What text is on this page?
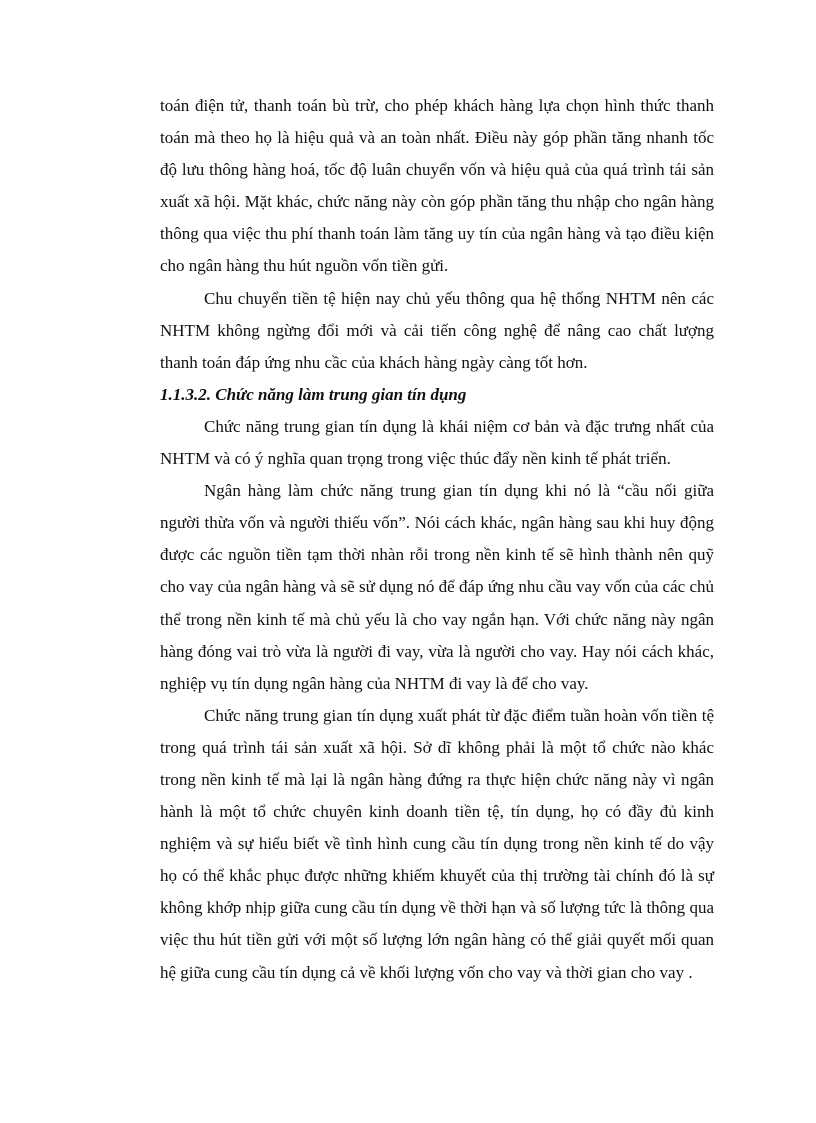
toán điện tử, thanh toán bù trừ, cho phép khách hàng lựa chọn hình thức thanh toán mà theo họ là hiệu quả và an toàn nhất. Điều này góp phần tăng nhanh tốc độ lưu thông hàng hoá, tốc độ luân chuyển vốn và hiệu quả của quá trình tái sản xuất xã hội. Mặt khác, chức năng này còn góp phần tăng thu nhập cho ngân hàng thông qua việc thu phí thanh toán làm tăng uy tín của ngân hàng và tạo điều kiện cho ngân hàng thu hút nguồn vốn tiền gửi.

Chu chuyển tiền tệ hiện nay chủ yếu thông qua hệ thống NHTM nên các NHTM không ngừng đổi mới và cải tiến công nghệ để nâng cao chất lượng thanh toán đáp ứng nhu cầc của khách hàng ngày càng tốt hơn.

1.1.3.2. Chức năng làm trung gian tín dụng

Chức năng trung gian tín dụng là khái niệm cơ bản và đặc trưng nhất của NHTM và có ý nghĩa quan trọng trong việc thúc đẩy nền kinh tế phát triển.

Ngân hàng làm chức năng trung gian tín dụng khi nó là “cầu nối giữa người thừa vốn và người thiếu vốn”. Nói cách khác, ngân hàng sau khi huy động được các nguồn tiền tạm thời nhàn rỗi trong nền kinh tế sẽ hình thành nên quỹ cho vay của ngân hàng và sẽ sử dụng nó để đáp ứng nhu cầu vay vốn của các chủ thể trong nền kinh tế mà chủ yếu là cho vay ngắn hạn. Với chức năng này ngân hàng đóng vai trò vừa là người đi vay, vừa là người cho vay. Hay nói cách khác, nghiệp vụ tín dụng ngân hàng của NHTM đi vay là để cho vay.

Chức năng trung gian tín dụng xuất phát từ đặc điểm tuần hoàn vốn tiền tệ trong quá trình tái sản xuất xã hội. Sở dĩ không phải là một tổ chức nào khác trong nền kinh tế mà lại là ngân hàng đứng ra thực hiện chức năng này vì ngân hành là một tổ chức chuyên kinh doanh tiền tệ, tín dụng, họ có đầy đủ kinh nghiệm và sự hiểu biết về tình hình cung cầu tín dụng trong nền kinh tế do vậy họ có thể khắc phục được những khiếm khuyết của thị trường tài chính đó là sự không khớp nhịp giữa cung cầu tín dụng về thời hạn và số lượng tức là thông qua việc thu hút tiền gửi với một số lượng lớn ngân hàng có thể giải quyết mối quan hệ giữa cung cầu tín dụng cả về khối lượng vốn cho vay và thời gian cho vay .
